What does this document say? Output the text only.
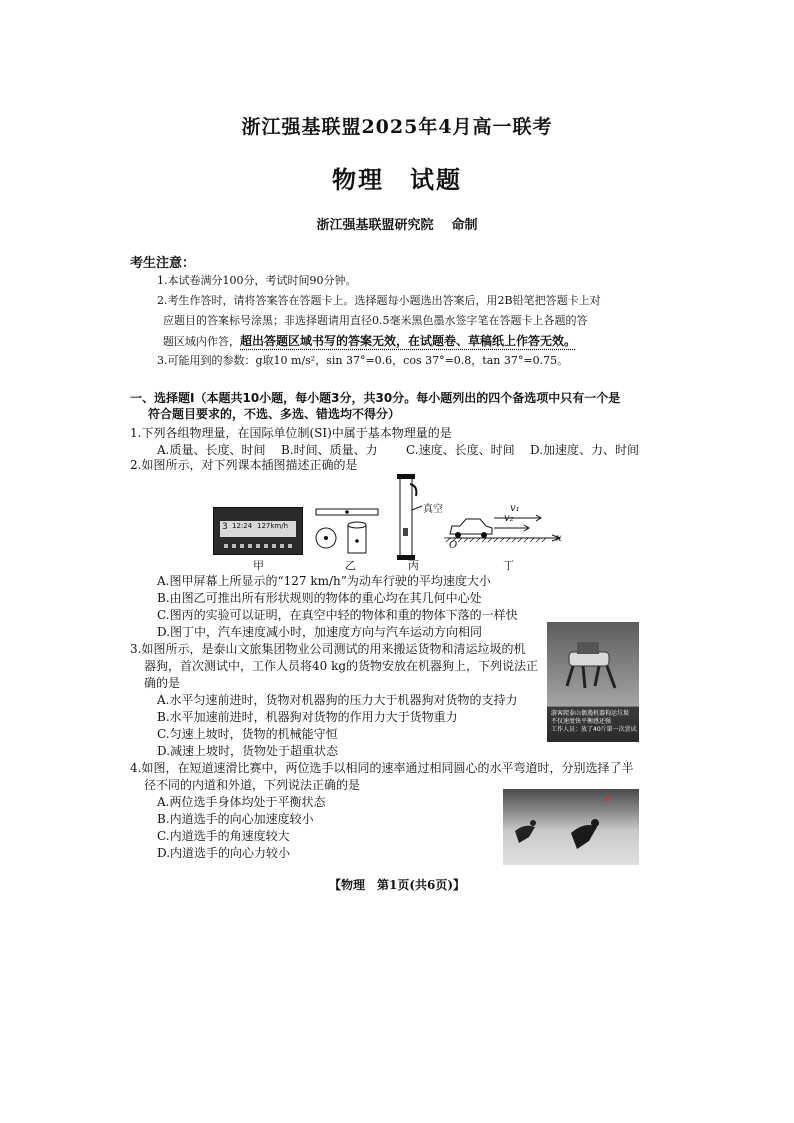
浙江强基联盟2025年4月高一联考
物理　试题
浙江强基联盟研究院 命制
考生注意：
1.本试卷满分100分，考试时间90分钟。
2.考生作答时，请将答案答在答题卡上。选择题每小题选出答案后，用2B铅笔把答题卡上对
应题目的答案标号涂黑；非选择题请用直径0.5毫米黑色墨水签字笔在答题卡上各题的答
题区域内作答，超出答题区域书写的答案无效，在试题卷、草稿纸上作答无效。
3.可能用到的参数：g取10 m/s²，sin 37°=0.6，cos 37°=0.8，tan 37°=0.75。
一、选择题Ⅰ（本题共10小题，每小题3分，共30分。每小题列出的四个备选项中只有一个是
符合题目要求的，不选、多选、错选均不得分）
1.下列各组物理量，在国际单位制(SI)中属于基本物理量的是
A.质量、长度、时间 B.时间、质量、力 C.速度、长度、时间 D.加速度、力、时间
2.如图所示，对下列课本插图描述正确的是
3 12:24 127km/h
真空	v₁
v₂
O
x
甲	乙	丙	丁
A.图甲屏幕上所显示的“127 km/h”为动车行驶的平均速度大小
B.由图乙可推出所有形状规则的物体的重心均在其几何中心处
C.图丙的实验可以证明，在真空中轻的物体和重的物体下落的一样快
D.图丁中，汽车速度减小时，加速度方向与汽车运动方向相同
3.如图所示，是泰山文旅集团物业公司测试的用来搬运货物和清运垃圾的机
器狗，首次测试中，工作人员将40 kg的货物安放在机器狗上，下列说法正
确的是
A.水平匀速前进时，货物对机器狗的压力大于机器狗对货物的支持力
B.水平加速前进时，机器狗对货物的作用力大于货物重力
C.匀速上坡时，货物的机械能守恒
D.减速上坡时，货物处于超重状态
游客爬泰山偶遇机器狗运垃圾
不仅速度快平衡感还强
工作人员：放了40斤第一次尝试
4.如图，在短道速滑比赛中，两位选手以相同的速率通过相同圆心的水平弯道时，分别选择了半
径不同的内道和外道，下列说法正确的是
A.两位选手身体均处于平衡状态
B.内道选手的向心加速度较小
C.内道选手的角速度较大
D.内道选手的向心力较小
【物理　第1页(共6页)】
